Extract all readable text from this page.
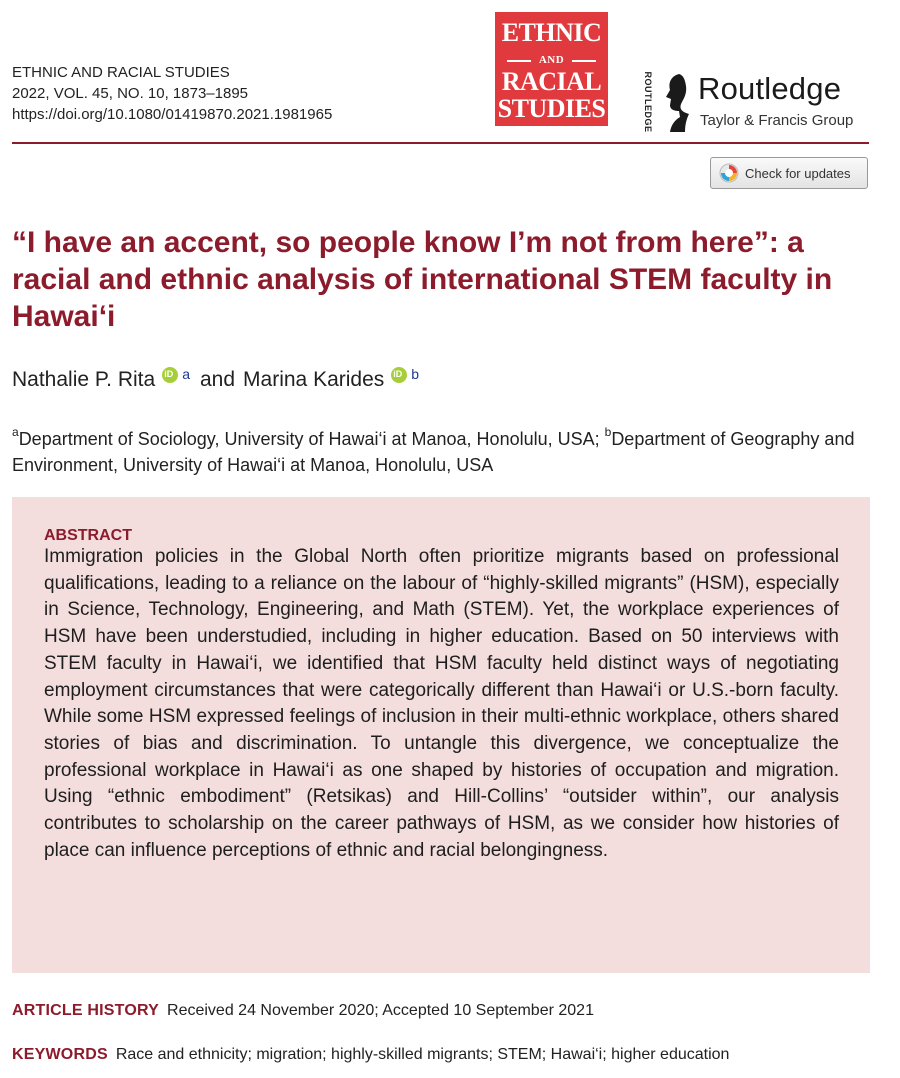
ETHNIC AND RACIAL STUDIES
2022, VOL. 45, NO. 10, 1873–1895
https://doi.org/10.1080/01419870.2021.1981965
ETHNIC
AND
RACIAL
STUDIES	ROUTLEDGE Routledge
Taylor & Francis Group
Check for updates
“I have an accent, so people know I’m not from here”: a racial and ethnic analysis of international STEM faculty in Hawai‘i
Nathalie P. Rita iD $^a$ and Marina Karides iD $^b$
$^a$Department of Sociology, University of Hawai‘i at Manoa, Honolulu, USA; $^b$Department of Geography and Environment, University of Hawai‘i at Manoa, Honolulu, USA
ABSTRACT

Immigration policies in the Global North often prioritize migrants based on professional qualifications, leading to a reliance on the labour of “highly-skilled migrants” (HSM), especially in Science, Technology, Engineering, and Math (STEM). Yet, the workplace experiences of HSM have been understudied, including in higher education. Based on 50 interviews with STEM faculty in Hawai‘i, we identified that HSM faculty held distinct ways of negotiating employment circumstances that were categorically different than Hawai‘i or U.S.-born faculty. While some HSM expressed feelings of inclusion in their multi-ethnic workplace, others shared stories of bias and discrimination. To untangle this divergence, we conceptualize the professional workplace in Hawai‘i as one shaped by histories of occupation and migration. Using “ethnic embodiment” (Retsikas) and Hill-Collins’ “outsider within”, our analysis contributes to scholarship on the career pathways of HSM, as we consider how histories of place can influence perceptions of ethnic and racial belongingness.

ARTICLE HISTORY Received 24 November 2020; Accepted 10 September 2021
KEYWORDS Race and ethnicity; migration; highly-skilled migrants; STEM; Hawai‘i; higher education
